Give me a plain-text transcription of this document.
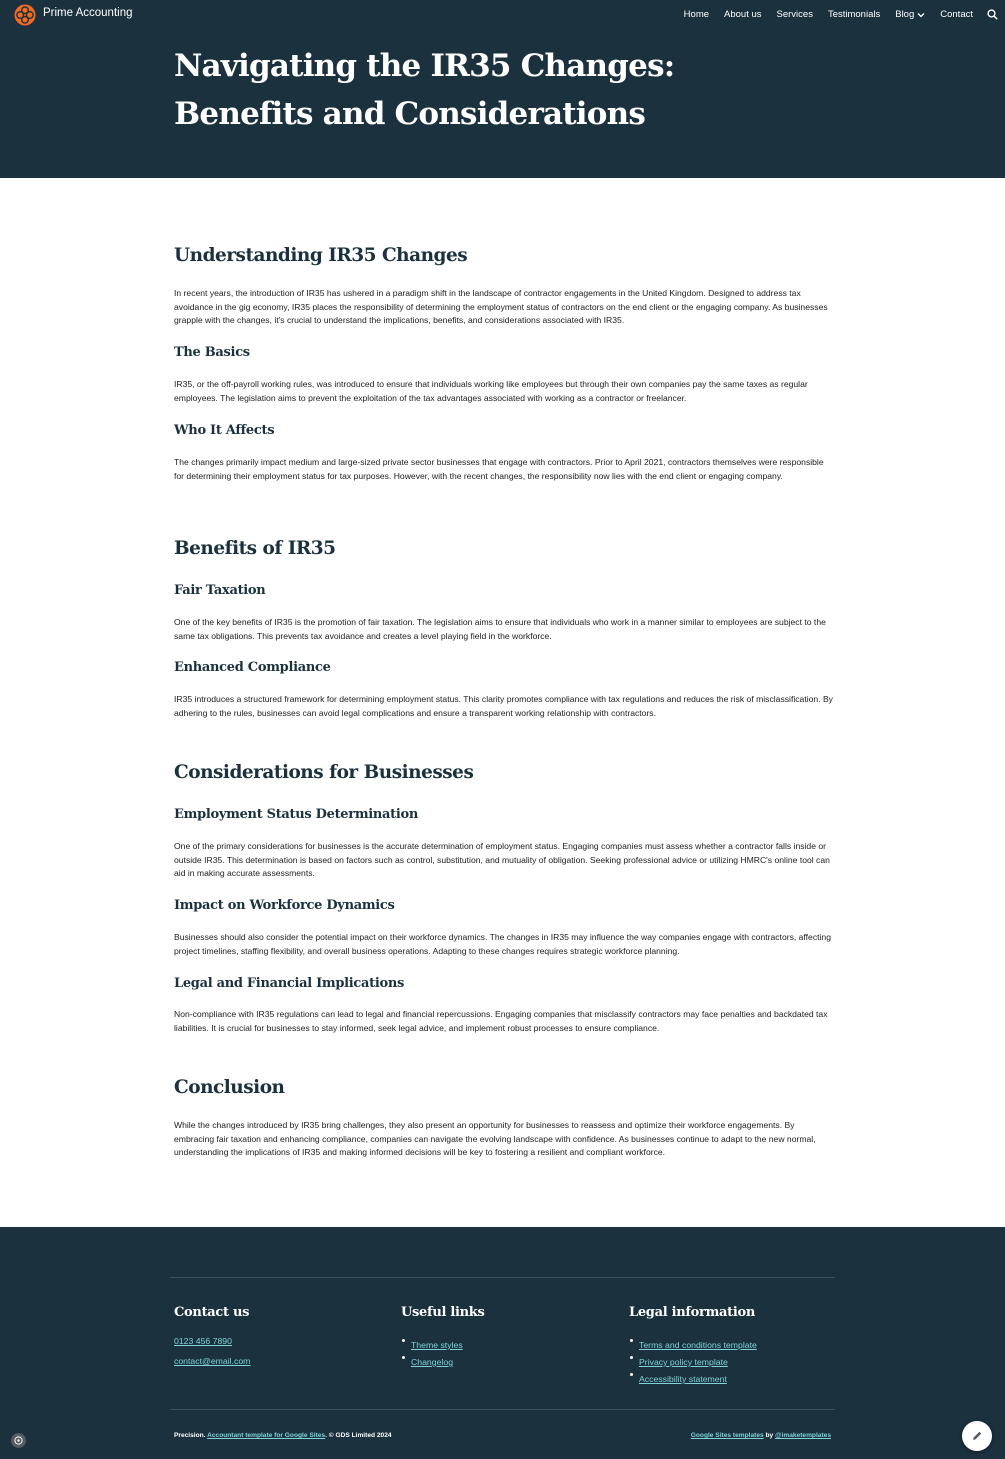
Prime Accounting	Home About us Services Testimonials Blog	Contact
Navigating the IR35 Changes: Benefits and Considerations
Understanding IR35 Changes

In recent years, the introduction of IR35 has ushered in a paradigm shift in the landscape of contractor engagements in the United Kingdom. Designed to address tax avoidance in the gig economy, IR35 places the responsibility of determining the employment status of contractors on the end client or the engaging company. As businesses grapple with the changes, it's crucial to understand the implications, benefits, and considerations associated with IR35.

The Basics

IR35, or the off-payroll working rules, was introduced to ensure that individuals working like employees but through their own companies pay the same taxes as regular employees. The legislation aims to prevent the exploitation of the tax advantages associated with working as a contractor or freelancer.

Who It Affects

The changes primarily impact medium and large-sized private sector businesses that engage with contractors. Prior to April 2021, contractors themselves were responsible for determining their employment status for tax purposes. However, with the recent changes, the responsibility now lies with the end client or engaging company.

Benefits of IR35
Fair Taxation

One of the key benefits of IR35 is the promotion of fair taxation. The legislation aims to ensure that individuals who work in a manner similar to employees are subject to the same tax obligations. This prevents tax avoidance and creates a level playing field in the workforce.

Enhanced Compliance

IR35 introduces a structured framework for determining employment status. This clarity promotes compliance with tax regulations and reduces the risk of misclassification. By adhering to the rules, businesses can avoid legal complications and ensure a transparent working relationship with contractors.

Considerations for Businesses
Employment Status Determination

One of the primary considerations for businesses is the accurate determination of employment status. Engaging companies must assess whether a contractor falls inside or outside IR35. This determination is based on factors such as control, substitution, and mutuality of obligation. Seeking professional advice or utilizing HMRC's online tool can aid in making accurate assessments.

Impact on Workforce Dynamics

Businesses should also consider the potential impact on their workforce dynamics. The changes in IR35 may influence the way companies engage with contractors, affecting project timelines, staffing flexibility, and overall business operations. Adapting to these changes requires strategic workforce planning.

Legal and Financial Implications

Non-compliance with IR35 regulations can lead to legal and financial repercussions. Engaging companies that misclassify contractors may face penalties and backdated tax liabilities. It is crucial for businesses to stay informed, seek legal advice, and implement robust processes to ensure compliance.

Conclusion

While the changes introduced by IR35 bring challenges, they also present an opportunity for businesses to reassess and optimize their workforce engagements. By embracing fair taxation and enhancing compliance, companies can navigate the evolving landscape with confidence. As businesses continue to adapt to the new normal, understanding the implications of IR35 and making informed decisions will be key to fostering a resilient and compliant workforce.

Contact us
0123 456 7890
contact@email.com
Useful links
Theme styles
Changelog
Legal information
Terms and conditions template
Privacy policy template
Accessibility statement
Precision. Accountant template for Google Sites. © GDS Limited 2024	Google Sites templates by @imaketemplates
